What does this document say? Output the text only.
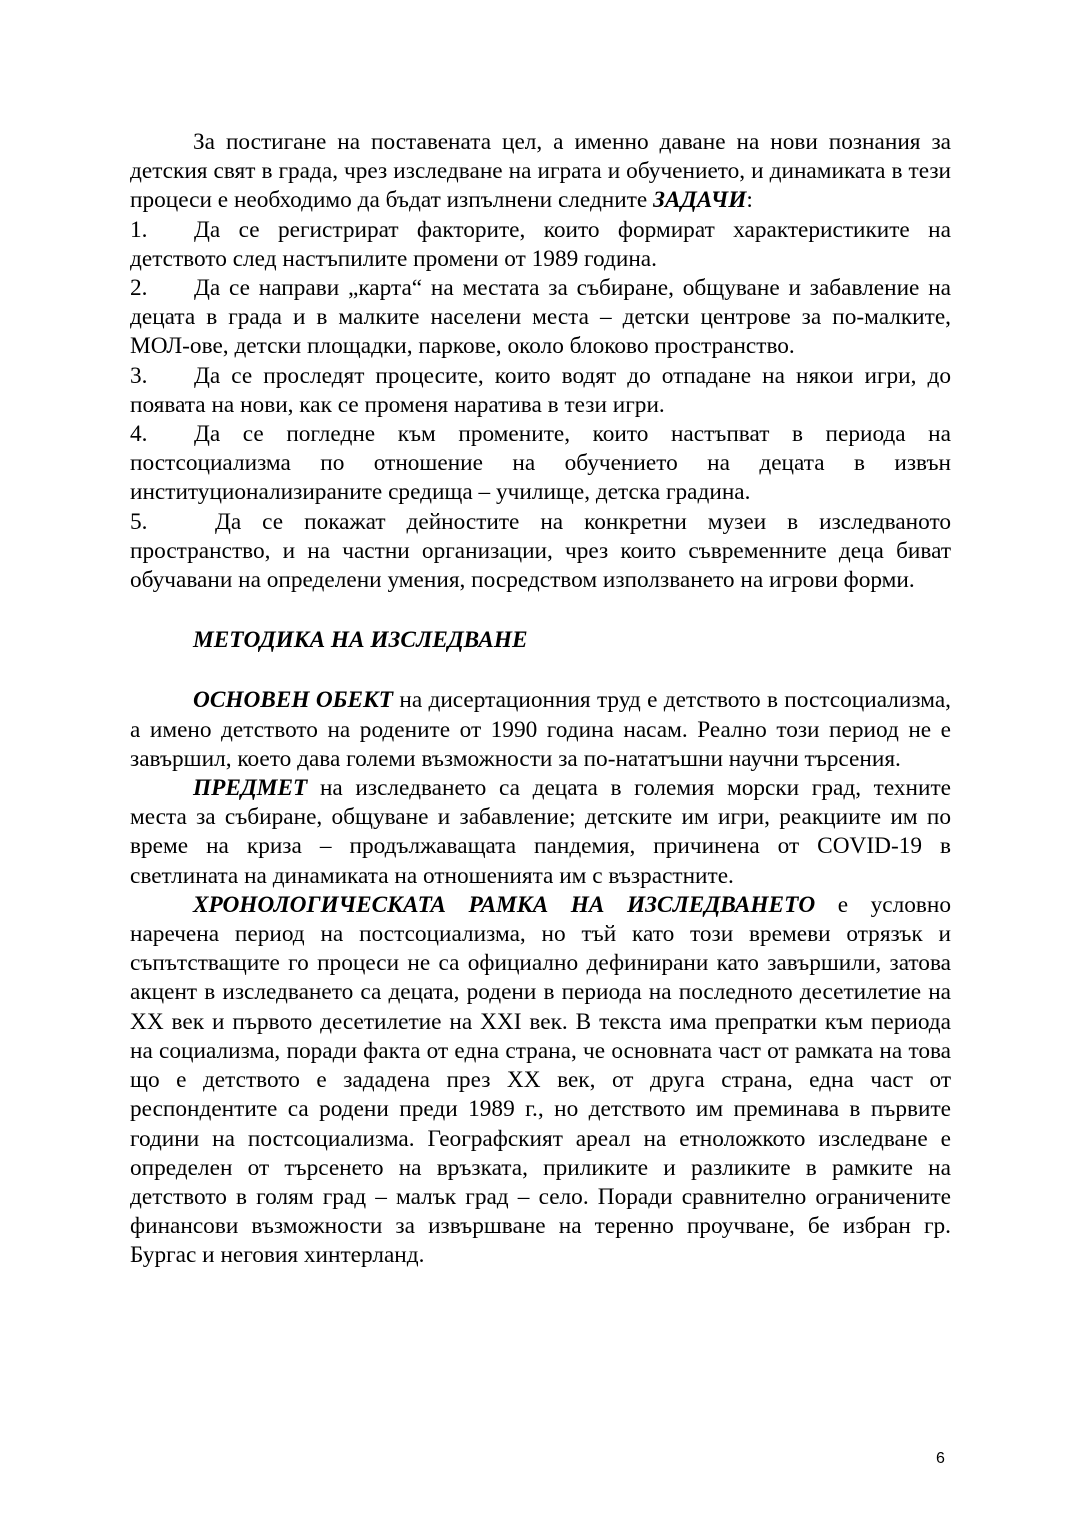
За постигане на поставената цел, а именно даване на нови познания за детския свят в града, чрез изследване на играта и обучението, и динамиката в тези процеси е необходимо да бъдат изпълнени следните ЗАДАЧИ:

1. Да се регистрират факторите, които формират характеристиките на детството след настъпилите промени от 1989 година.

2. Да се направи „карта“ на местата за събиране, общуване и забавление на децата в града и в малките населени места – детски центрове за по-малките, МОЛ-ове, детски площадки, паркове, около блоково пространство.

3. Да се проследят процесите, които водят до отпадане на някои игри, до появата на нови, как се променя наратива в тези игри.

4. Да се погледне към промените, които настъпват в периода на постсоциализма по отношение на обучението на децата в извън институционализираните средища – училище, детска градина.

5. Да се покажат дейностите на конкретни музеи в изследваното пространство, и на частни организации, чрез които съвременните деца биват обучавани на определени умения, посредством използването на игрови форми.

МЕТОДИКА НА ИЗСЛЕДВАНЕ

ОСНОВЕН ОБЕКТ на дисертационния труд е детството в постсоциализма, а имено детството на родените от 1990 година насам. Реално този период не е завършил, което дава големи възможности за по-нататъшни научни търсения.

ПРЕДМЕТ на изследването са децата в големия морски град, техните места за събиране, общуване и забавление; детските им игри, реакциите им по време на криза – продължаващата пандемия, причинена от COVID-19 в светлината на динамиката на отношенията им с възрастните.

ХРОНОЛОГИЧЕСКАТА РАМКА НА ИЗСЛЕДВАНЕТО е условно наречена период на постсоциализма, но тъй като този времеви отрязък и съпътстващите го процеси не са официално дефинирани като завършили, затова акцент в изследването са децата, родени в периода на последното десетилетие на ХХ век и първото десетилетие на XXI век. В текста има препратки към периода на социализма, поради факта от една страна, че основната част от рамката на това що е детството е зададена през ХХ век, от друга страна, една част от респондентите са родени преди 1989 г., но детството им преминава в първите години на постсоциализма. Географският ареал на етноложкото изследване е определен от търсенето на връзката, приликите и разликите в рамките на детството в голям град – малък град – село. Поради сравнително ограничените финансови възможности за извършване на теренно проучване, бе избран гр. Бургас и неговия хинтерланд.

6
